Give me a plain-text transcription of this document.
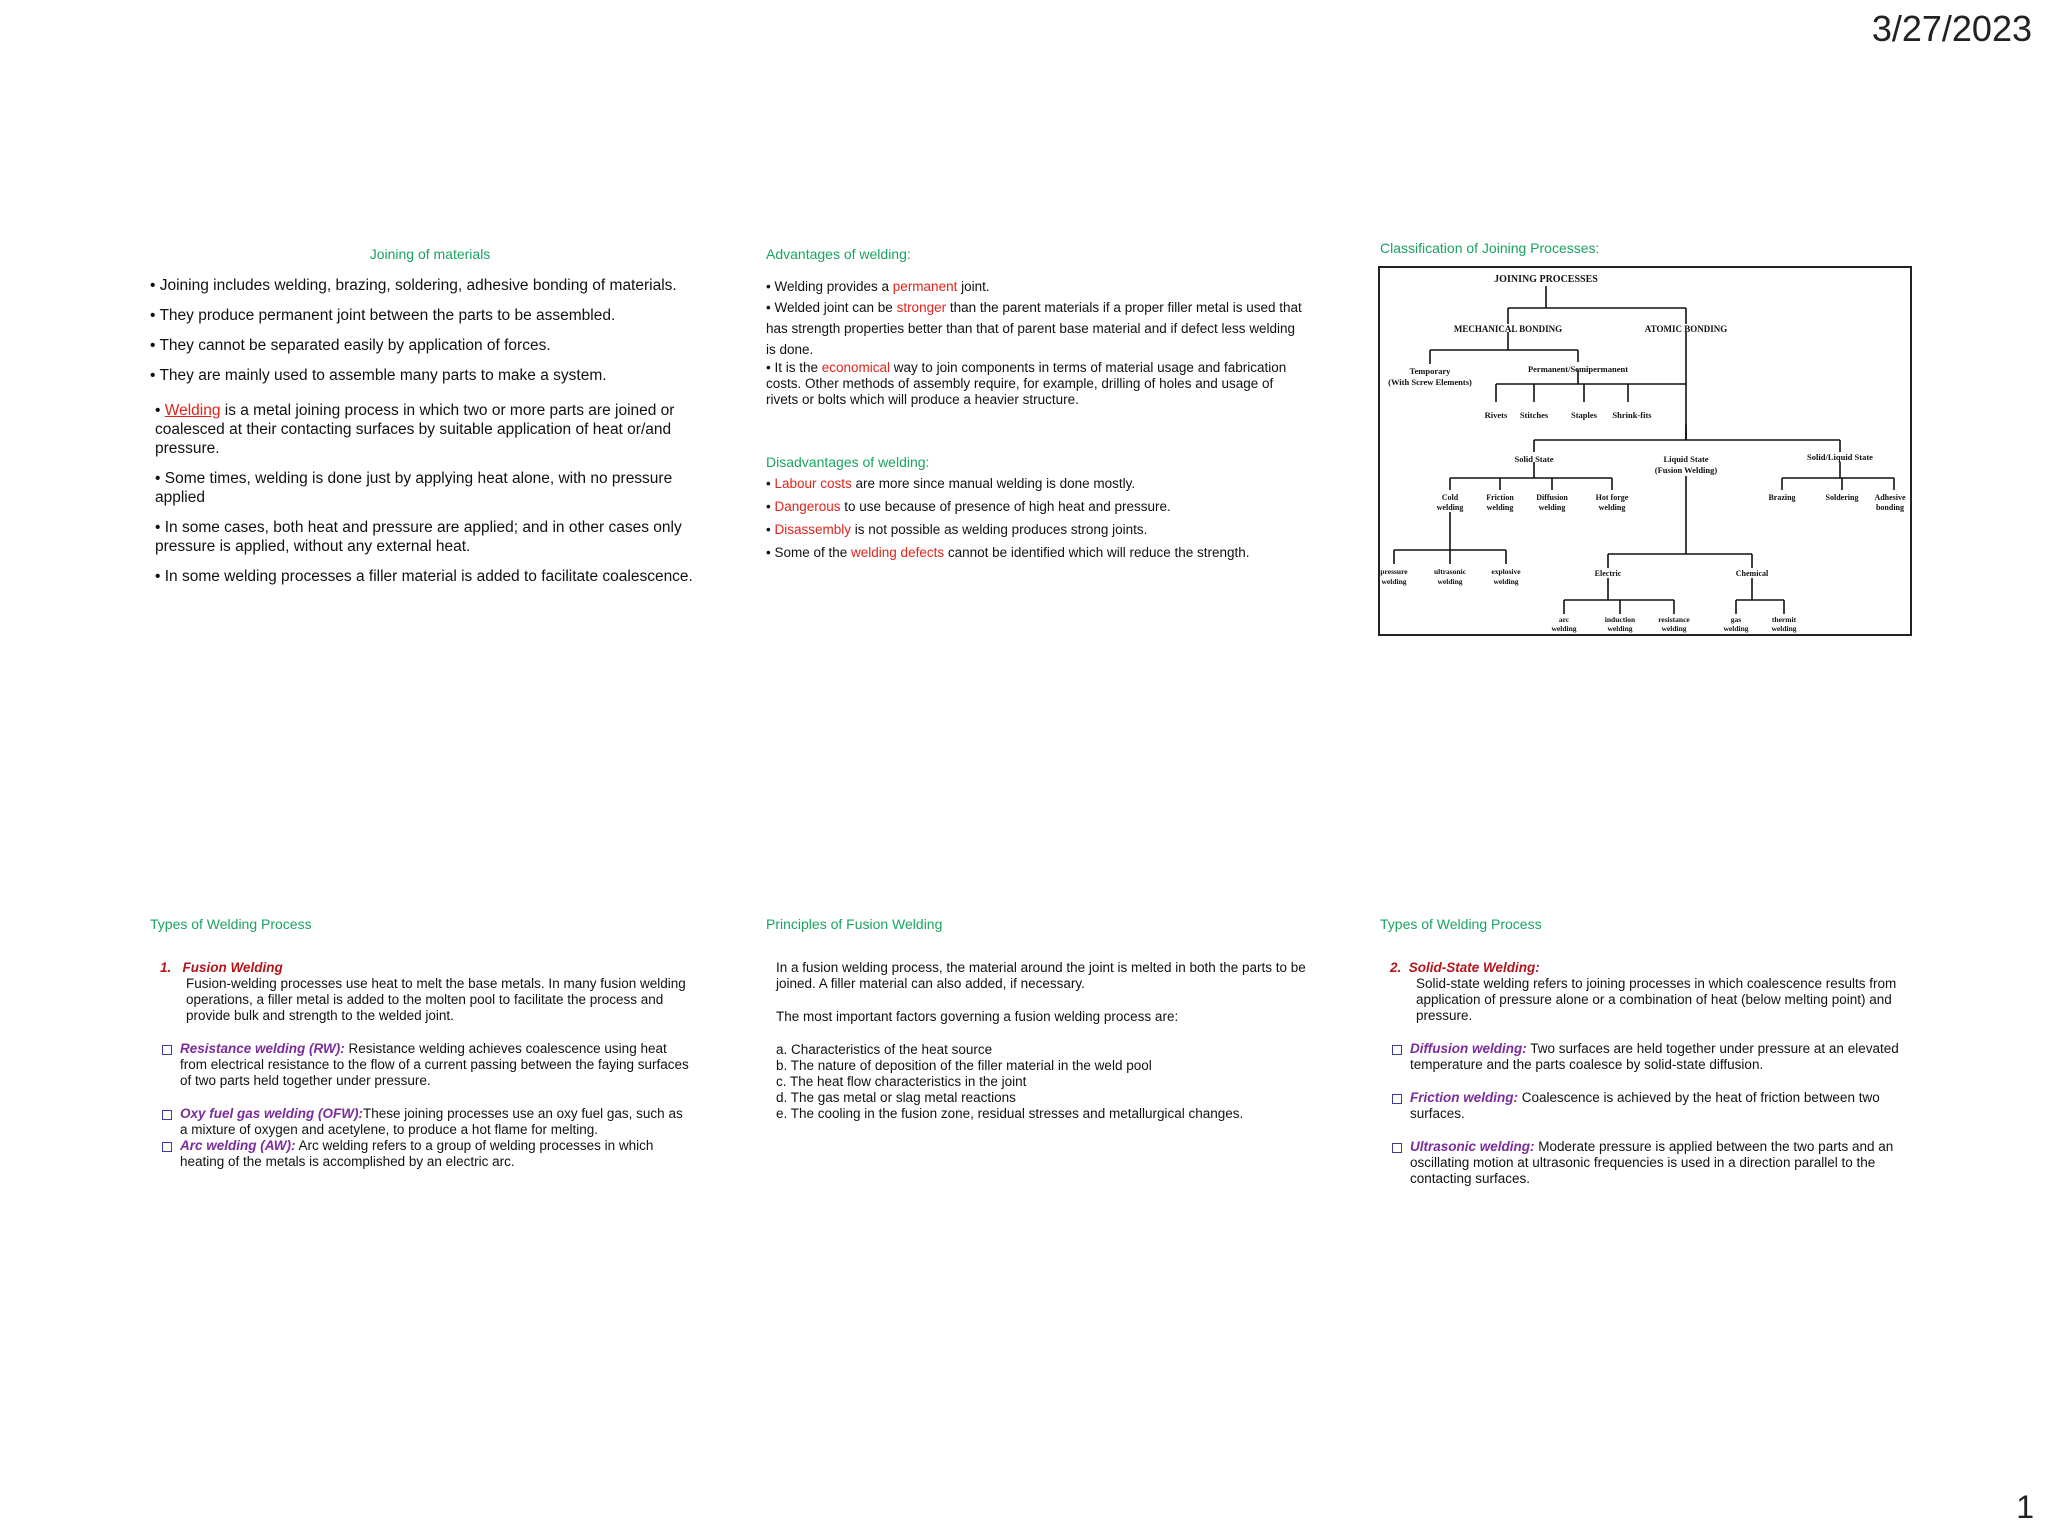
3/27/2023
1
Joining of materials

• Joining includes welding, brazing, soldering, adhesive bonding of materials.

• They produce permanent joint between the parts to be assembled.

• They cannot be separated easily by application of forces.

• They are mainly used to assemble many parts to make a system.

• Welding is a metal joining process in which two or more parts are joined or coalesced at their contacting surfaces by suitable application of heat or/and pressure.

• Some times, welding is done just by applying heat alone, with no pressure applied

• In some cases, both heat and pressure are applied; and in other cases only pressure is applied, without any external heat.

• In some welding processes a filler material is added to facilitate coalescence.

Advantages of welding:

• Welding provides a permanent joint.

• Welded joint can be stronger than the parent materials if a proper filler metal is used that has strength properties better than that of parent base material and if defect less welding is done.

• It is the economical way to join components in terms of material usage and fabrication costs. Other methods of assembly require, for example, drilling of holes and usage of rivets or bolts which will produce a heavier structure.

Disadvantages of welding:

• Labour costs are more since manual welding is done mostly.

• Dangerous to use because of presence of high heat and pressure.

• Disassembly is not possible as welding produces strong joints.

• Some of the welding defects cannot be identified which will reduce the strength.

Classification of Joining Processes:
JOINING PROCESSES
MECHANICAL BONDING	ATOMIC BONDING
Temporary
(With Screw Elements)
Permanent/Semipermanent
Rivets Stitches	Staples Shrink-fits
Solid State	Liquid State
(Fusion Welding)
Solid/Liquid State
Cold
welding
Friction
welding
Diffusion
welding
Hot forge
welding
Brazing	Soldering Adhesive
bonding
pressure
welding
ultrasonic
welding
explosive
welding
Electric	Chemical
arc
welding
induction
welding
resistance
welding
gas
welding
thermit
welding
Types of Welding Process
1. Fusion Welding
Fusion-welding processes use heat to melt the base metals. In many fusion welding operations, a filler metal is added to the molten pool to facilitate the process and provide bulk and strength to the welded joint.
Resistance welding (RW): Resistance welding achieves coalescence using heat from electrical resistance to the flow of a current passing between the faying surfaces of two parts held together under pressure.
Oxy fuel gas welding (OFW):These joining processes use an oxy fuel gas, such as a mixture of oxygen and acetylene, to produce a hot flame for melting.
Arc welding (AW): Arc welding refers to a group of welding processes in which heating of the metals is accomplished by an electric arc.
Principles of Fusion Welding

In a fusion welding process, the material around the joint is melted in both the parts to be joined. A filler material can also added, if necessary.

The most important factors governing a fusion welding process are:

a. Characteristics of the heat source

b. The nature of deposition of the filler material in the weld pool

c. The heat flow characteristics in the joint

d. The gas metal or slag metal reactions

e. The cooling in the fusion zone, residual stresses and metallurgical changes.

Types of Welding Process
2. Solid-State Welding:
Solid-state welding refers to joining processes in which coalescence results from application of pressure alone or a combination of heat (below melting point) and pressure.
Diffusion welding: Two surfaces are held together under pressure at an elevated temperature and the parts coalesce by solid-state diffusion.
Friction welding: Coalescence is achieved by the heat of friction between two surfaces.
Ultrasonic welding: Moderate pressure is applied between the two parts and an oscillating motion at ultrasonic frequencies is used in a direction parallel to the contacting surfaces.
